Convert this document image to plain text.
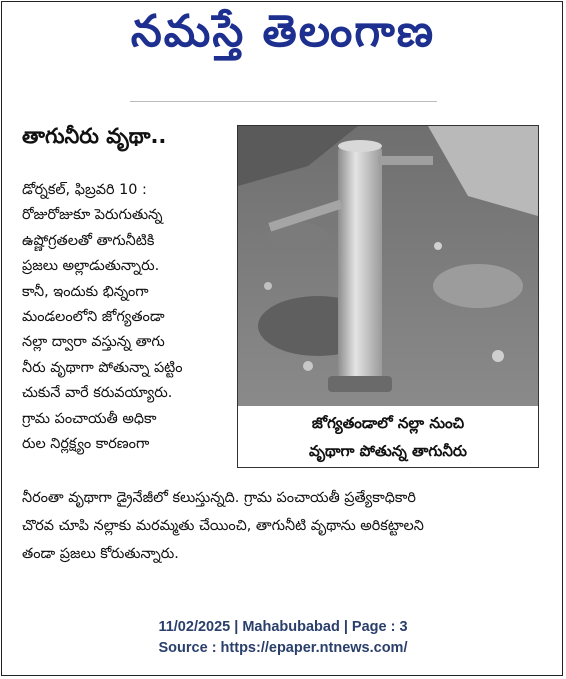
నమస్తే తెలంగాణ
తాగునీరు వృథా..
డోర్నకల్, ఫిబ్రవరి 10 :
రోజురోజుకూ పెరుగుతున్న
ఉష్ణోగ్రతలతో తాగునీటికి
ప్రజలు అల్లాడుతున్నారు.
కానీ, ఇందుకు భిన్నంగా
మండలంలోని జోగ్యతండా
నల్లా ద్వారా వస్తున్న తాగు
నీరు వృథాగా పోతున్నా పట్టిం
చుకునే వారే కరువయ్యారు.
గ్రామ పంచాయతీ అధికా
రుల నిర్లక్ష్యం కారణంగా
జోగ్యతండాలో నల్లా నుంచి
వృథాగా పోతున్న తాగునీరు
నీరంతా వృథాగా డ్రైనేజీలో కలుస్తున్నది. గ్రామ పంచాయతీ ప్రత్యేకాధికారి
చొరవ చూపి నల్లాకు మరమ్మతు చేయించి, తాగునీటి వృథాను అరికట్టాలని
తండా ప్రజలు కోరుతున్నారు.
11/02/2025 | Mahabubabad | Page : 3
Source : https://epaper.ntnews.com/
